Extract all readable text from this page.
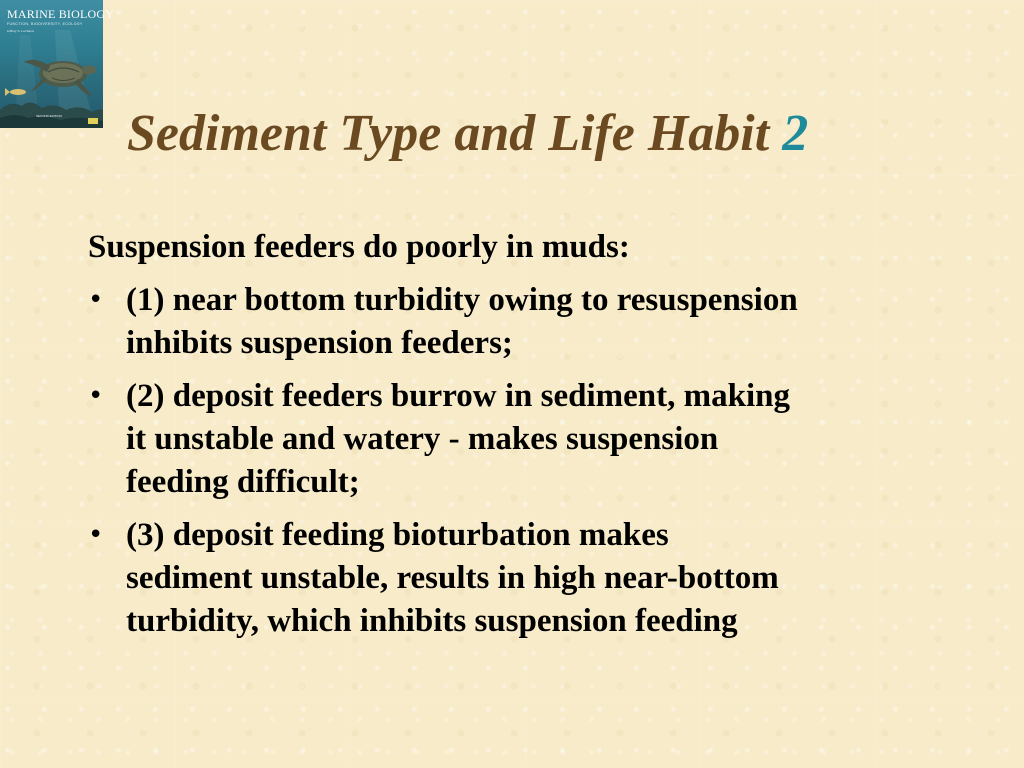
MARINE BIOLOGY
FUNCTION, BIODIVERSITY, ECOLOGY
Jeffrey S. Levinton
SECOND EDITION Sediment Type and Life Habit 2

Suspension feeders do poorly in muds:

• (1) near bottom turbidity owing to resuspension
inhibits suspension feeders;
• (2) deposit feeders burrow in sediment, making
it unstable and watery - makes suspension
feeding difficult;
• (3) deposit feeding bioturbation makes
sediment unstable, results in high near-bottom
turbidity, which inhibits suspension feeding
